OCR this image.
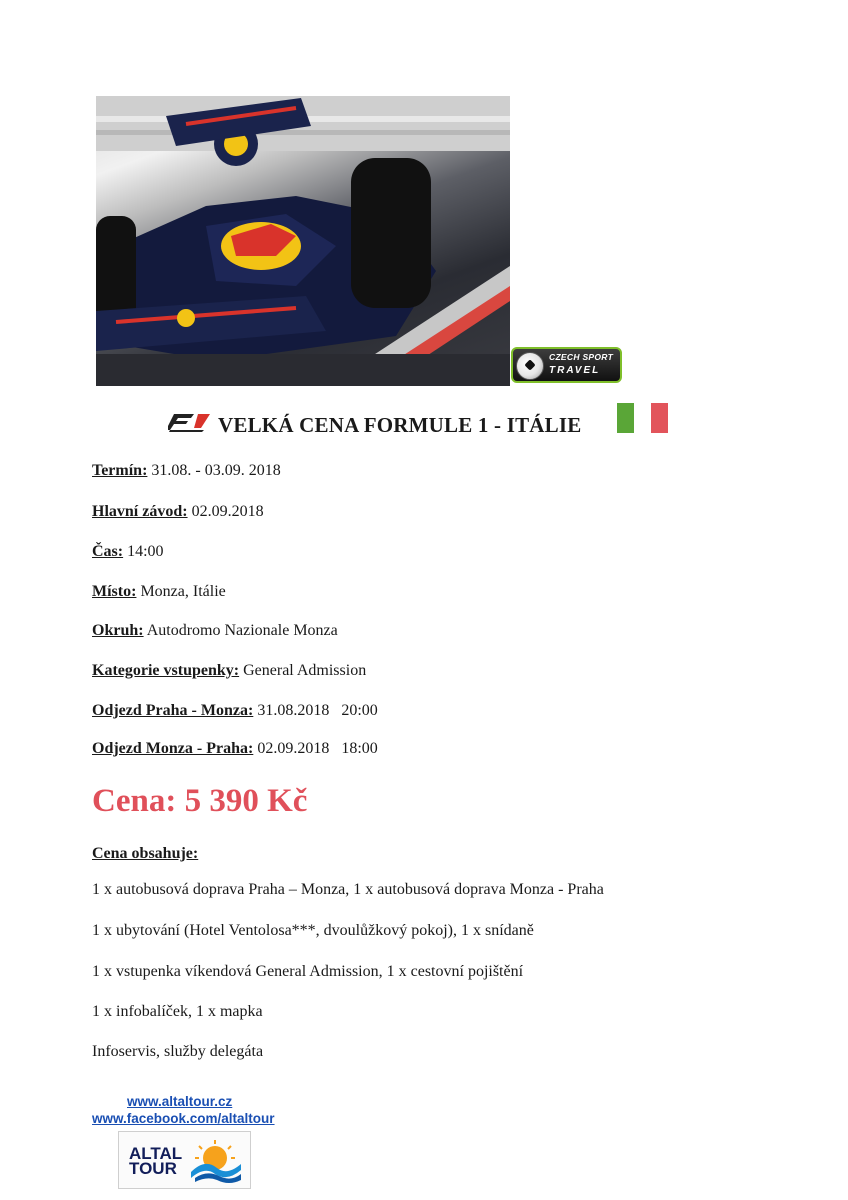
CZECH SPORT
TRAVEL
VELKÁ CENA FORMULE 1 - ITÁLIE
Termín: 31.08. - 03.09. 2018
Hlavní závod: 02.09.2018
Čas: 14:00
Místo: Monza, Itálie
Okruh: Autodromo Nazionale Monza
Kategorie vstupenky: General Admission
Odjezd Praha - Monza: 31.08.2018 20:00
Odjezd Monza - Praha: 02.09.2018 18:00
Cena: 5 390 Kč
Cena obsahuje:
1 x autobusová doprava Praha – Monza, 1 x autobusová doprava Monza - Praha
1 x ubytování (Hotel Ventolosa***, dvoulůžkový pokoj), 1 x snídaně
1 x vstupenka víkendová General Admission, 1 x cestovní pojištění
1 x infobalíček, 1 x mapka
Infoservis, služby delegáta
www.altaltour.cz
www.facebook.com/altaltour
ALTAL
TOUR
